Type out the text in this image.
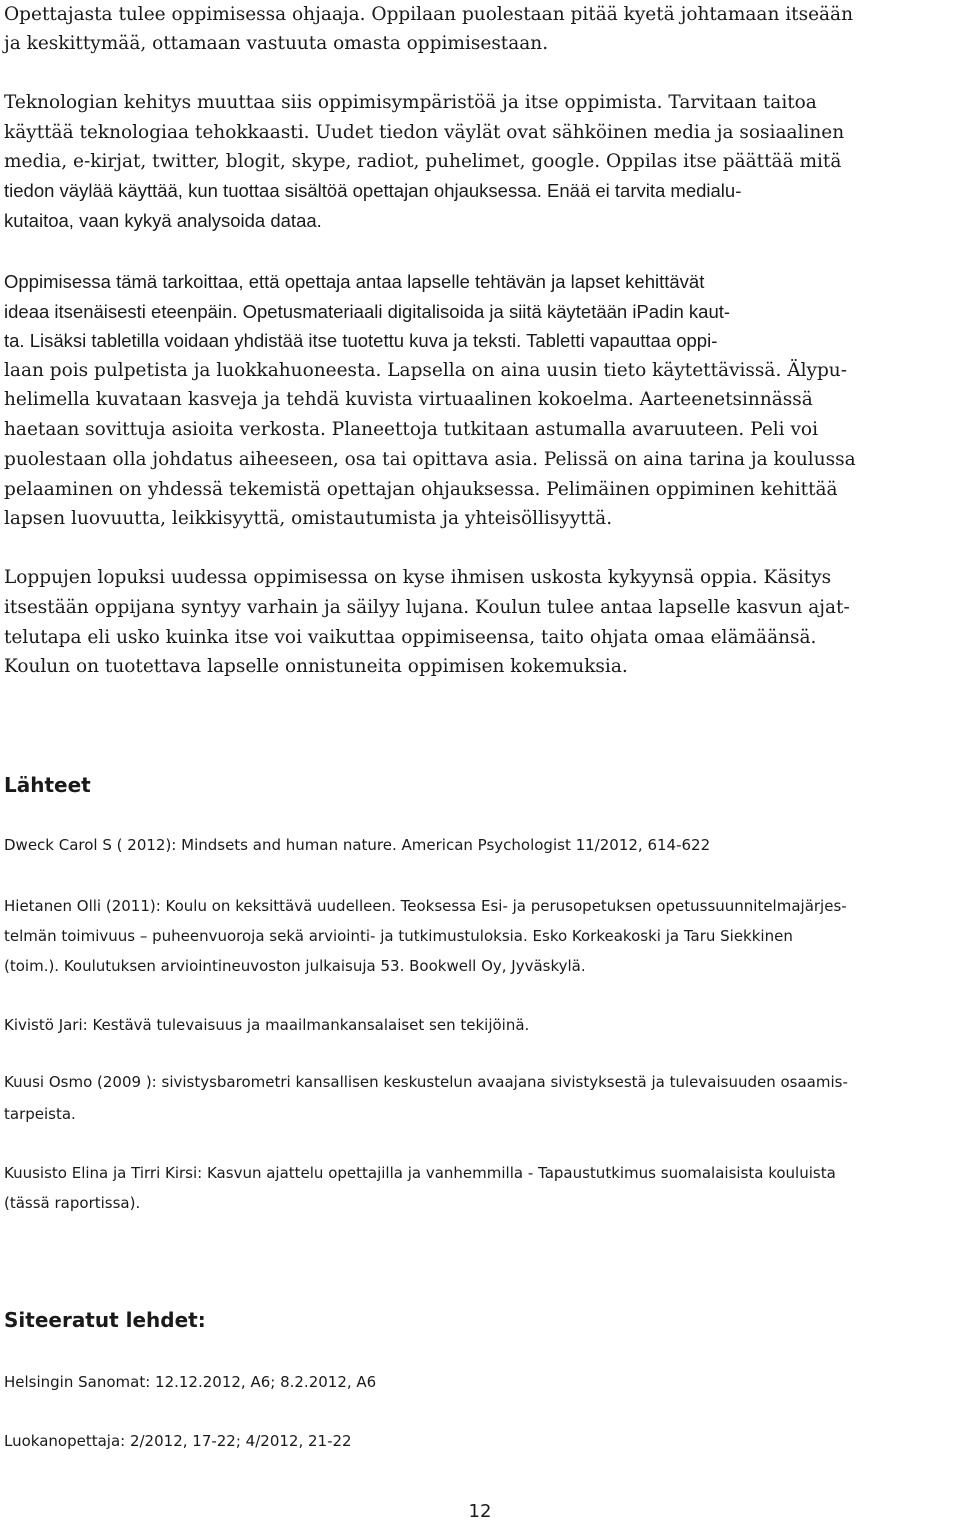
Opettajasta tulee oppimisessa ohjaaja. Oppilaan puolestaan pitää kyetä johtamaan itseään
ja keskittymää, ottamaan vastuuta omasta oppimisestaan.
Teknologian kehitys muuttaa siis oppimisympäristöä ja itse oppimista. Tarvitaan taitoa
käyttää teknologiaa tehokkaasti. Uudet tiedon väylät ovat sähköinen media ja sosiaalinen
media, e-kirjat, twitter, blogit, skype, radiot, puhelimet, google. Oppilas itse päättää mitä
tiedon väylää käyttää, kun tuottaa sisältöä opettajan ohjauksessa. Enää ei tarvita medialu-
kutaitoa, vaan kykyä analysoida dataa.
Oppimisessa tämä tarkoittaa, että opettaja antaa lapselle tehtävän ja lapset kehittävät
ideaa itsenäisesti eteenpäin. Opetusmateriaali digitalisoida ja siitä käytetään iPadin kaut-
ta. Lisäksi tabletilla voidaan yhdistää itse tuotettu kuva ja teksti. Tabletti vapauttaa oppi-
laan pois pulpetista ja luokkahuoneesta. Lapsella on aina uusin tieto käytettävissä. Älypu-
helimella kuvataan kasveja ja tehdä kuvista virtuaalinen kokoelma. Aarteenetsinnässä
haetaan sovittuja asioita verkosta. Planeettoja tutkitaan astumalla avaruuteen. Peli voi
puolestaan olla johdatus aiheeseen, osa tai opittava asia. Pelissä on aina tarina ja koulussa
pelaaminen on yhdessä tekemistä opettajan ohjauksessa. Pelimäinen oppiminen kehittää
lapsen luovuutta, leikkisyyttä, omistautumista ja yhteisöllisyyttä.
Loppujen lopuksi uudessa oppimisessa on kyse ihmisen uskosta kykyynsä oppia. Käsitys
itsestään oppijana syntyy varhain ja säilyy lujana. Koulun tulee antaa lapselle kasvun ajat-
telutapa eli usko kuinka itse voi vaikuttaa oppimiseensa, taito ohjata omaa elämäänsä.
Koulun on tuotettava lapselle onnistuneita oppimisen kokemuksia.
Lähteet
Dweck Carol S ( 2012): Mindsets and human nature. American Psychologist 11/2012, 614-622
Hietanen Olli (2011): Koulu on keksittävä uudelleen. Teoksessa Esi- ja perusopetuksen opetussuunnitelmajärjes-
telmän toimivuus – puheenvuoroja sekä arviointi- ja tutkimustuloksia. Esko Korkeakoski ja Taru Siekkinen
(toim.). Koulutuksen arviointineuvoston julkaisuja 53. Bookwell Oy, Jyväskylä.
Kivistö Jari: Kestävä tulevaisuus ja maailmankansalaiset sen tekijöinä.
Kuusi Osmo (2009 ): sivistysbarometri kansallisen keskustelun avaajana sivistyksestä ja tulevaisuuden osaamis-
tarpeista.
Kuusisto Elina ja Tirri Kirsi: Kasvun ajattelu opettajilla ja vanhemmilla - Tapaustutkimus suomalaisista kouluista
(tässä raportissa).
Siteeratut lehdet:
Helsingin Sanomat: 12.12.2012, A6; 8.2.2012, A6
Luokanopettaja: 2/2012, 17-22; 4/2012, 21-22
12
